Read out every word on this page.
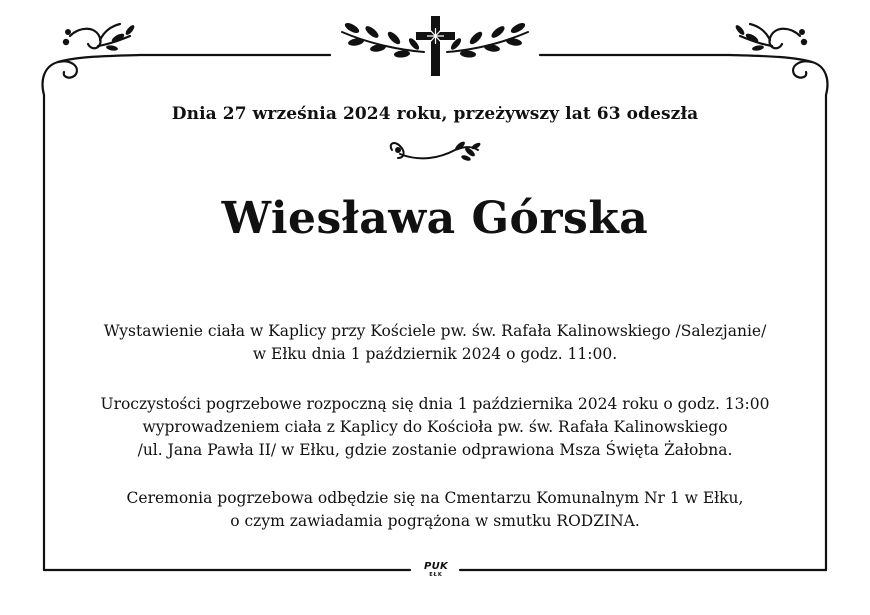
Dnia 27 września 2024 roku, przeżywszy lat 63 odeszła
Wiesława Górska
Wystawienie ciała w Kaplicy przy Kościele pw. św. Rafała Kalinowskiego /Salezjanie/
w Ełku dnia 1 październik 2024 o godz. 11:00.
Uroczystości pogrzebowe rozpoczną się dnia 1 października 2024 roku o godz. 13:00
wyprowadzeniem ciała z Kaplicy do Kościoła pw. św. Rafała Kalinowskiego
/ul. Jana Pawła II/ w Ełku, gdzie zostanie odprawiona Msza Święta Żałobna.
Ceremonia pogrzebowa odbędzie się na Cmentarzu Komunalnym Nr 1 w Ełku,
o czym zawiadamia pogrążona w smutku RODZINA.
PUK
EŁK
